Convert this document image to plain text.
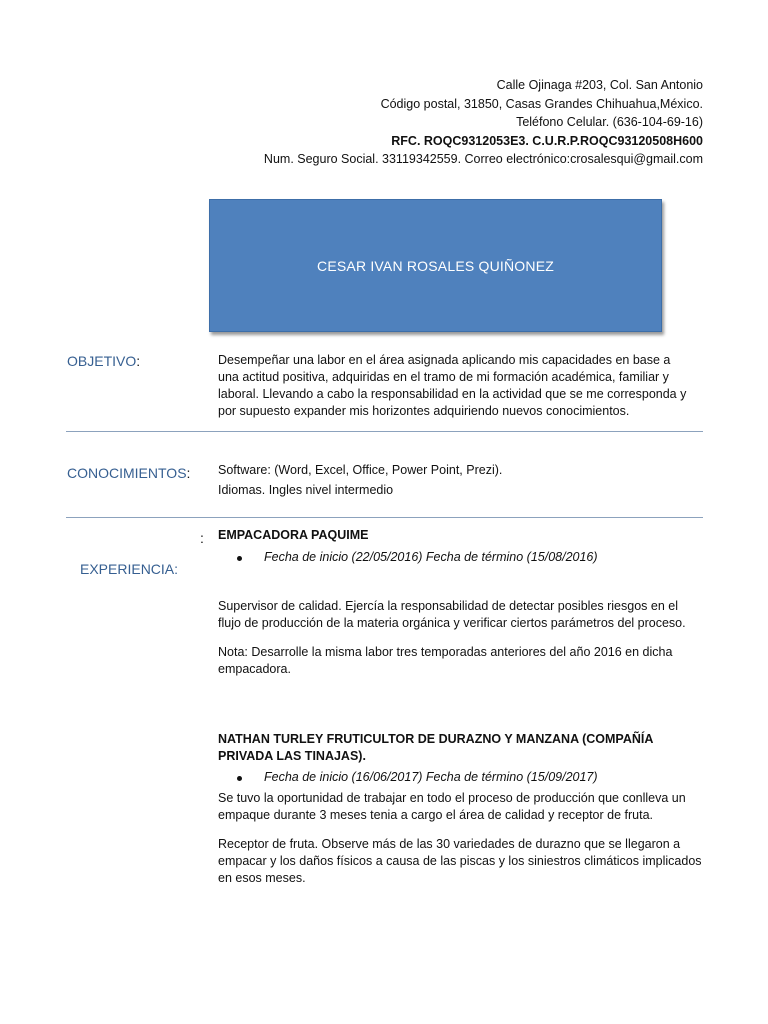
Calle Ojinaga #203, Col. San Antonio
Código postal, 31850, Casas Grandes Chihuahua,México.
Teléfono Celular. (636-104-69-16)
RFC. ROQC9312053E3. C.U.R.P.ROQC93120508H600
Num. Seguro Social. 33119342559. Correo electrónico:crosalesqui@gmail.com
CESAR IVAN ROSALES QUIÑONEZ
OBJETIVO:	Desempeñar una labor en el área asignada aplicando mis capacidades en base a una actitud positiva, adquiridas en el tramo de mi formación académica, familiar y laboral. Llevando a cabo la responsabilidad en la actividad que se me corresponda y por supuesto expander mis horizontes adquiriendo nuevos conocimientos.

CONOCIMIENTOS: Software: (Word, Excel, Office, Power Point, Prezi).
Idiomas. Ingles nivel intermedio
:
EXPERIENCIA:
EMPACADORA PAQUIME
Fecha de inicio (22/05/2016) Fecha de término (15/08/2016)

Supervisor de calidad. Ejercía la responsabilidad de detectar posibles riesgos en el flujo de producción de la materia orgánica y verificar ciertos parámetros del proceso.

Nota: Desarrolle la misma labor tres temporadas anteriores del año 2016 en dicha empacadora.

NATHAN TURLEY FRUTICULTOR DE DURAZNO Y MANZANA (COMPAÑÍA PRIVADA LAS TINAJAS).
Fecha de inicio (16/06/2017) Fecha de término (15/09/2017)

Se tuvo la oportunidad de trabajar en todo el proceso de producción que conlleva un empaque durante 3 meses tenia a cargo el área de calidad y receptor de fruta.

Receptor de fruta. Observe más de las 30 variedades de durazno que se llegaron a empacar y los daños físicos a causa de las piscas y los siniestros climáticos implicados en esos meses.
